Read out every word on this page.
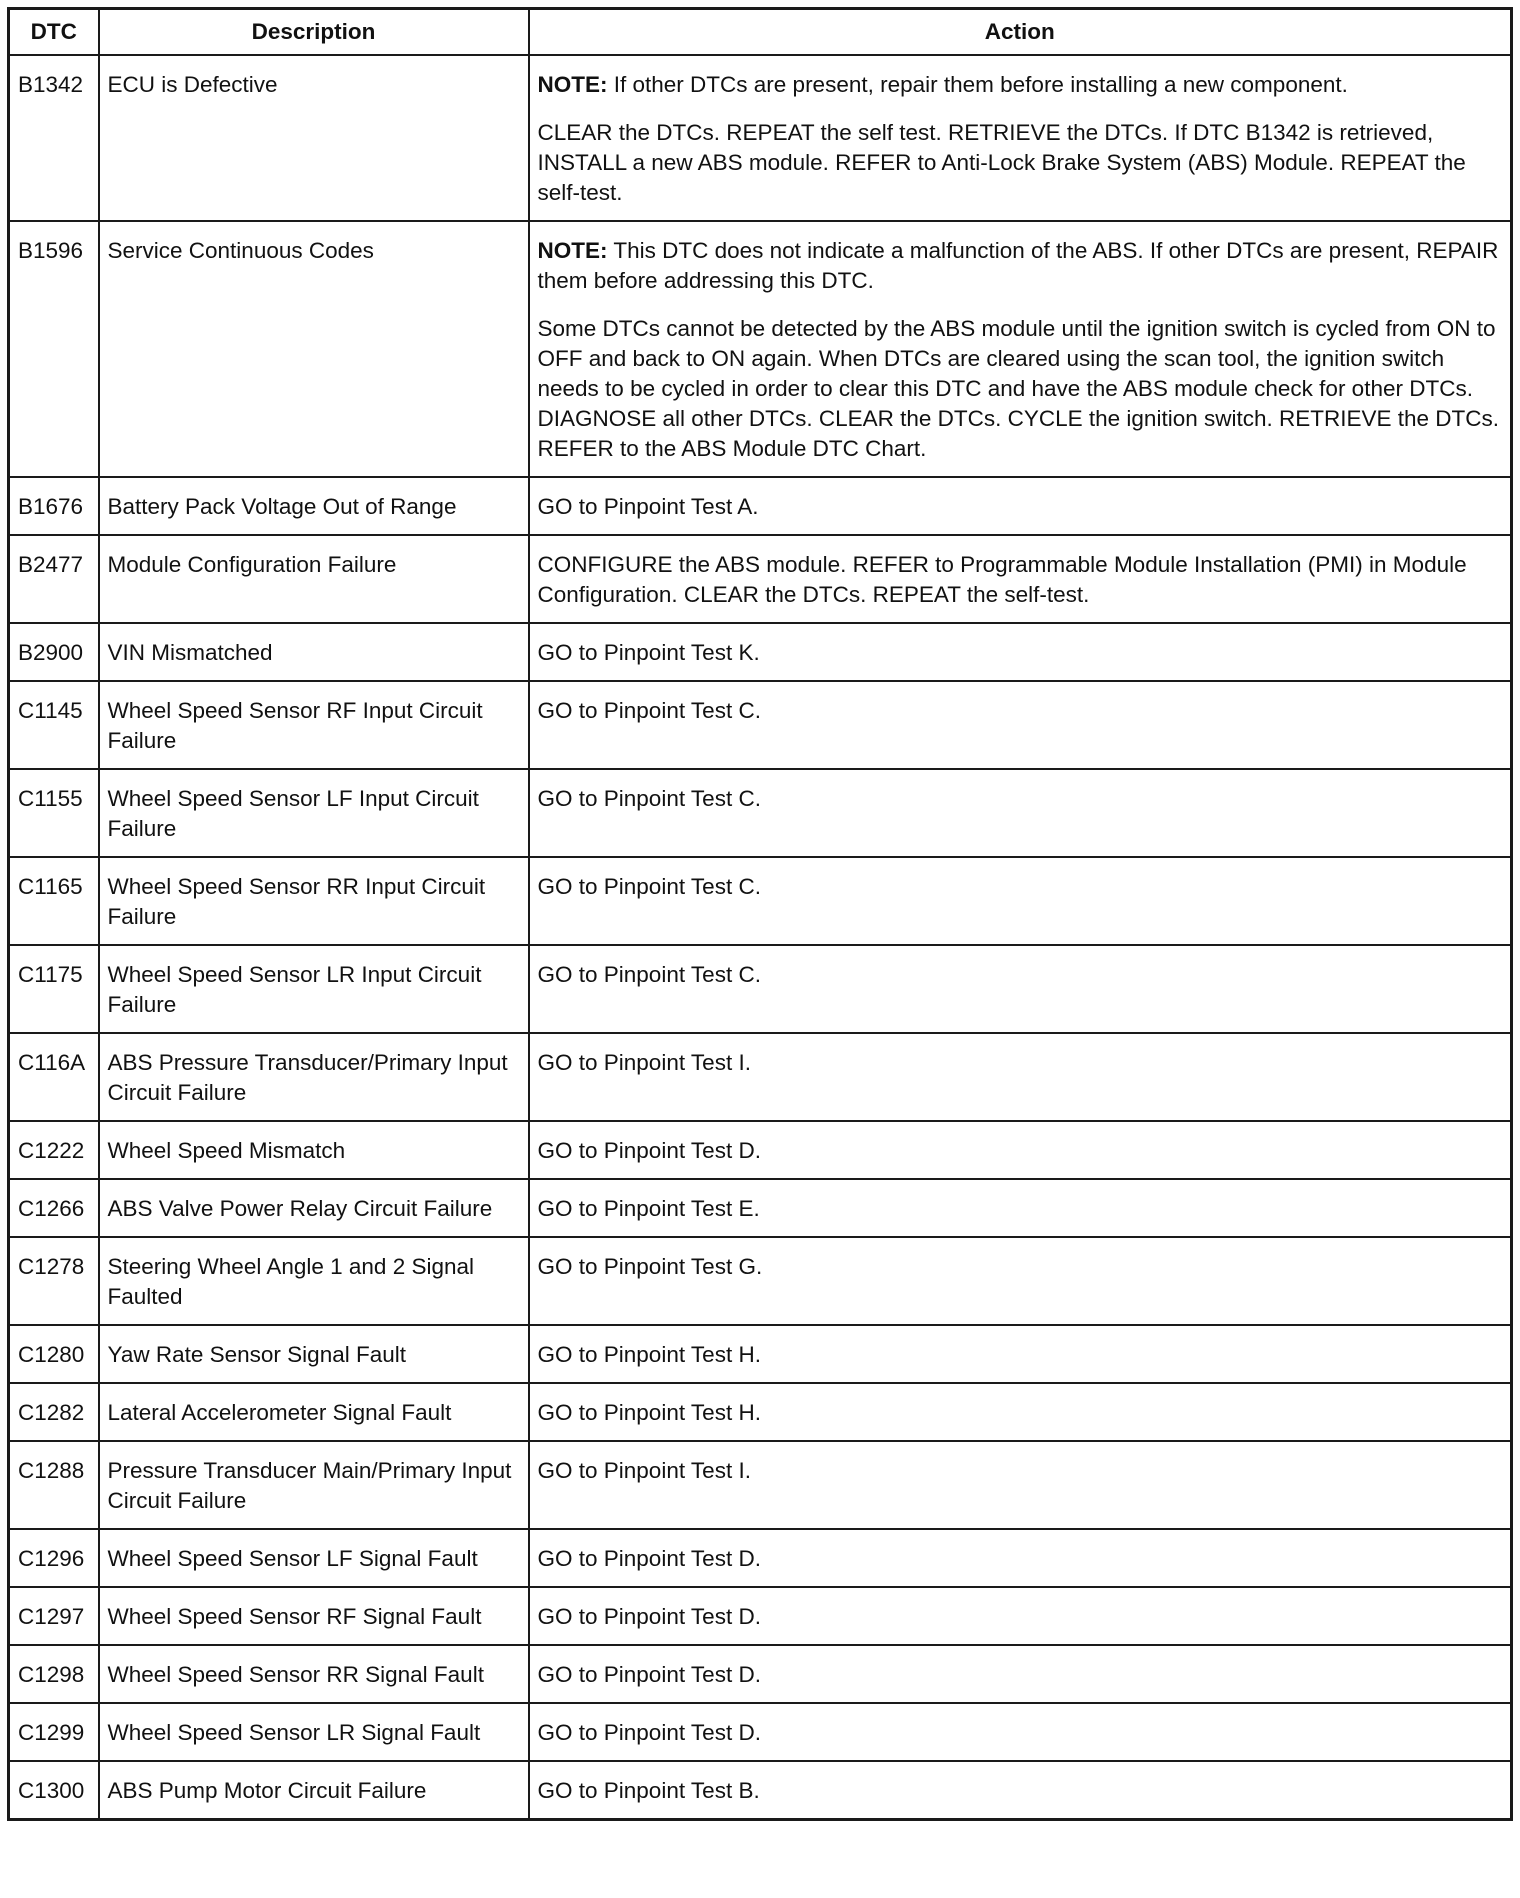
DTC	Description	Action

B1342	ECU is Defective	NOTE: If other DTCs are present, repair them before installing a new component.
CLEAR the DTCs. REPEAT the self test. RETRIEVE the DTCs. If DTC B1342 is retrieved, INSTALL a new ABS module. REFER to Anti-Lock Brake System (ABS) Module. REPEAT the self-test.

B1596	Service Continuous Codes	NOTE: This DTC does not indicate a malfunction of the ABS. If other DTCs are present, REPAIR them before addressing this DTC.
Some DTCs cannot be detected by the ABS module until the ignition switch is cycled from ON to OFF and back to ON again. When DTCs are cleared using the scan tool, the ignition switch needs to be cycled in order to clear this DTC and have the ABS module check for other DTCs.
DIAGNOSE all other DTCs. CLEAR the DTCs. CYCLE the ignition switch. RETRIEVE the DTCs. REFER to the ABS Module DTC Chart.

B1676	Battery Pack Voltage Out of Range	GO to Pinpoint Test A.

B2477	Module Configuration Failure	CONFIGURE the ABS module. REFER to Programmable Module Installation (PMI) in Module Configuration. CLEAR the DTCs. REPEAT the self-test.

B2900	VIN Mismatched	GO to Pinpoint Test K.

C1145	Wheel Speed Sensor RF Input Circuit Failure	GO to Pinpoint Test C.

C1155	Wheel Speed Sensor LF Input Circuit Failure	GO to Pinpoint Test C.

C1165	Wheel Speed Sensor RR Input Circuit Failure	GO to Pinpoint Test C.

C1175	Wheel Speed Sensor LR Input Circuit Failure	GO to Pinpoint Test C.

C116A	ABS Pressure Transducer/Primary Input Circuit Failure	GO to Pinpoint Test I.

C1222	Wheel Speed Mismatch	GO to Pinpoint Test D.

C1266	ABS Valve Power Relay Circuit Failure	GO to Pinpoint Test E.

C1278	Steering Wheel Angle 1 and 2 Signal Faulted	GO to Pinpoint Test G.

C1280	Yaw Rate Sensor Signal Fault	GO to Pinpoint Test H.

C1282	Lateral Accelerometer Signal Fault	GO to Pinpoint Test H.

C1288	Pressure Transducer Main/Primary Input Circuit Failure	GO to Pinpoint Test I.

C1296	Wheel Speed Sensor LF Signal Fault	GO to Pinpoint Test D.

C1297	Wheel Speed Sensor RF Signal Fault	GO to Pinpoint Test D.

C1298	Wheel Speed Sensor RR Signal Fault	GO to Pinpoint Test D.

C1299	Wheel Speed Sensor LR Signal Fault	GO to Pinpoint Test D.

C1300	ABS Pump Motor Circuit Failure	GO to Pinpoint Test B.
